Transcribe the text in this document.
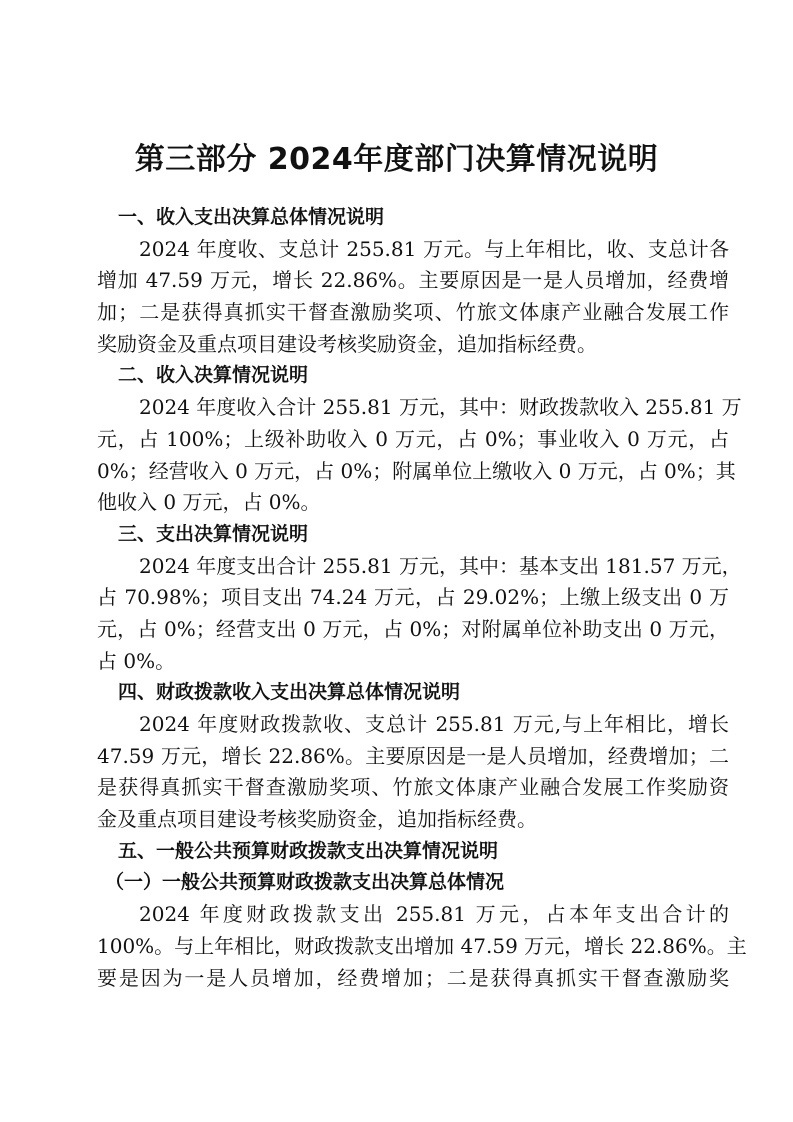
第三部分 2024年度部门决算情况说明
一、收入支出决算总体情况说明
2024 年度收、支总计 255.81 万元。与上年相比，收、支总计各
增加 47.59 万元，增长 22.86%。主要原因是一是人员增加，经费增
加；二是获得真抓实干督查激励奖项、竹旅文体康产业融合发展工作
奖励资金及重点项目建设考核奖励资金，追加指标经费。
二、收入决算情况说明
2024 年度收入合计 255.81 万元，其中：财政拨款收入 255.81 万
元，占 100%；上级补助收入 0 万元，占 0%；事业收入 0 万元，占
0%；经营收入 0 万元，占 0%；附属单位上缴收入 0 万元，占 0%；其
他收入 0 万元，占 0%。
三、支出决算情况说明
2024 年度支出合计 255.81 万元，其中：基本支出 181.57 万元，
占 70.98%；项目支出 74.24 万元，占 29.02%；上缴上级支出 0 万
元，占 0%；经营支出 0 万元，占 0%；对附属单位补助支出 0 万元，
占 0%。
四、财政拨款收入支出决算总体情况说明
2024 年度财政拨款收、支总计 255.81 万元,与上年相比，增长
47.59 万元，增长 22.86%。主要原因是一是人员增加，经费增加；二
是获得真抓实干督查激励奖项、竹旅文体康产业融合发展工作奖励资
金及重点项目建设考核奖励资金，追加指标经费。
五、一般公共预算财政拨款支出决算情况说明
（一）一般公共预算财政拨款支出决算总体情况
2024 年度财政拨款支出 255.81 万元，占本年支出合计的
100%。与上年相比，财政拨款支出增加 47.59 万元，增长 22.86%。主
要是因为一是人员增加，经费增加；二是获得真抓实干督查激励奖
